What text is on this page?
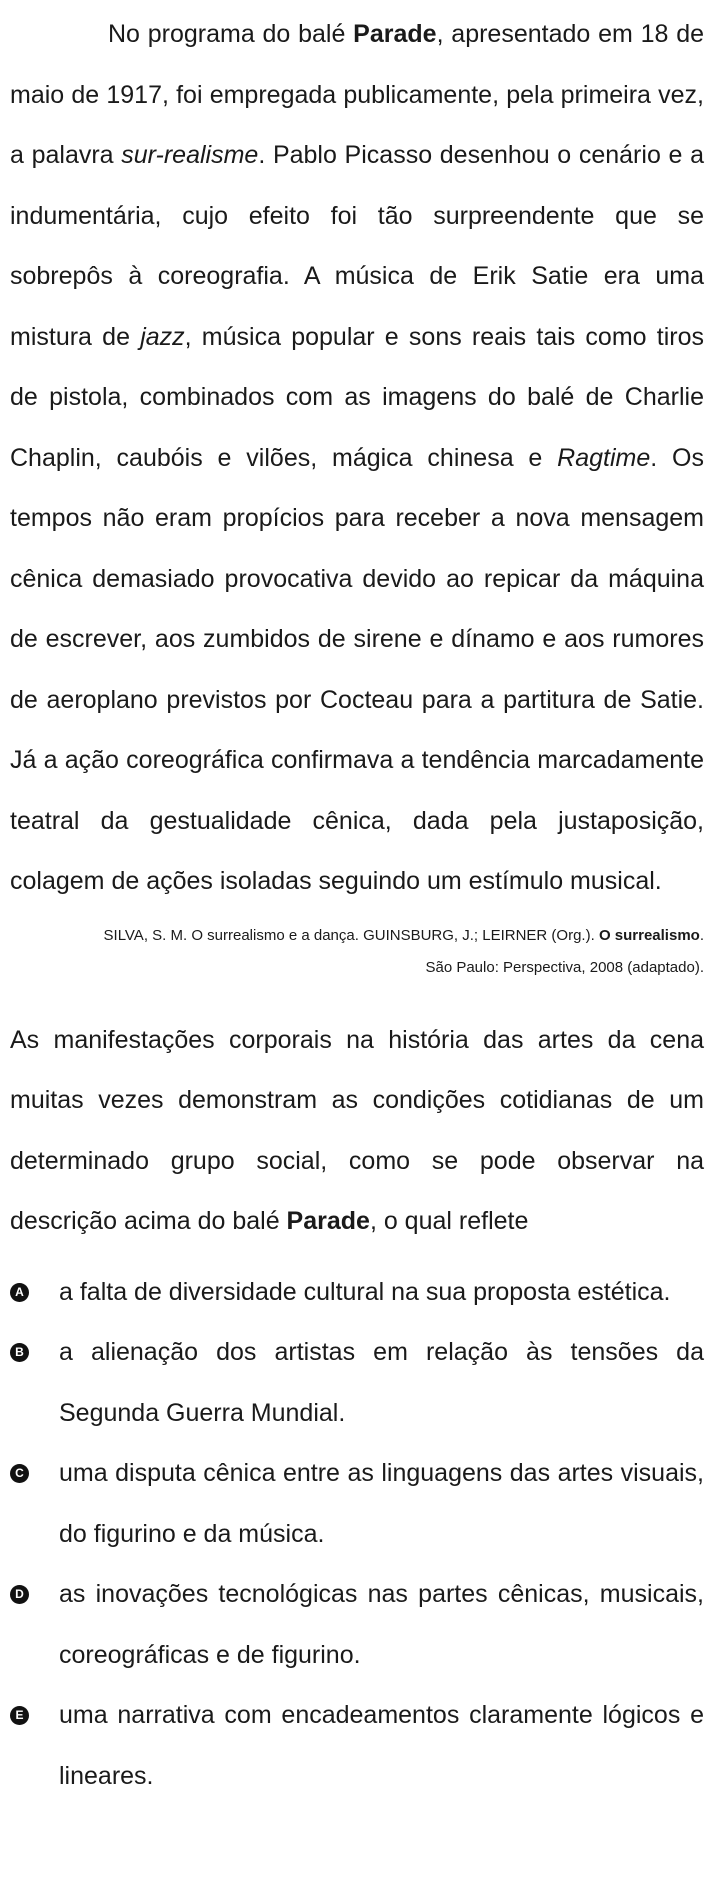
No programa do balé Parade, apresentado em 18 de maio de 1917, foi empregada publicamente, pela primeira vez, a palavra sur-realisme. Pablo Picasso desenhou o cenário e a indumentária, cujo efeito foi tão surpreendente que se sobrepôs à coreografia. A música de Erik Satie era uma mistura de jazz, música popular e sons reais tais como tiros de pistola, combinados com as imagens do balé de Charlie Chaplin, caubóis e vilões, mágica chinesa e Ragtime. Os tempos não eram propícios para receber a nova mensagem cênica demasiado provocativa devido ao repicar da máquina de escrever, aos zumbidos de sirene e dínamo e aos rumores de aeroplano previstos por Cocteau para a partitura de Satie. Já a ação coreográfica confirmava a tendência marcadamente teatral da gestualidade cênica, dada pela justaposição, colagem de ações isoladas seguindo um estímulo musical.

SILVA, S. M. O surrealismo e a dança. GUINSBURG, J.; LEIRNER (Org.). O surrealismo.
São Paulo: Perspectiva, 2008 (adaptado).

As manifestações corporais na história das artes da cena muitas vezes demonstram as condições cotidianas de um determinado grupo social, como se pode observar na descrição acima do balé Parade, o qual reflete

A a falta de diversidade cultural na sua proposta estética.
B a alienação dos artistas em relação às tensões da Segunda Guerra Mundial.
C uma disputa cênica entre as linguagens das artes visuais, do figurino e da música.
D as inovações tecnológicas nas partes cênicas, musicais, coreográficas e de figurino.
E uma narrativa com encadeamentos claramente lógicos e lineares.
